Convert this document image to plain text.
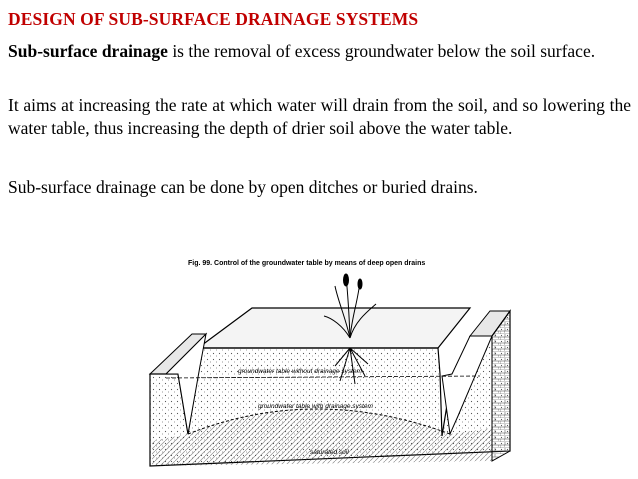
DESIGN OF SUB-SURFACE DRAINAGE SYSTEMS
Sub-surface drainage is the removal of excess groundwater below the soil surface.
It aims at increasing the rate at which water will drain from the soil, and so lowering the water table, thus increasing the depth of drier soil above the water table.
Sub-surface drainage can be done by open ditches or buried drains.
Fig. 99. Control of the groundwater table by means of deep open drains
groundwater table without drainage system
groundwater table with drainage system
saturated soil
